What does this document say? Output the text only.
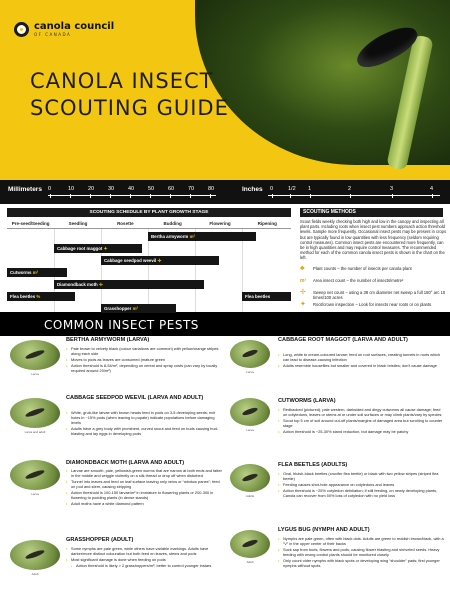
canola council
OF CANADA
CANOLA INSECT
SCOUTING GUIDE
Millimeters 0	10	20	30	40	50	60	70	80	Inches 0	1/2 1	2	3	4
SCOUTING SCHEDULE BY PLANT GROWTH STAGE
Pre-seed/Seeding	Seedling	Rosette	Budding	Flowering	Ripening
Bertha armyworm m²
Cabbage root maggot ✦
Cabbage seedpod weevil ✢
Cutworms m²
Diamondback moth ✢
Flea beetles %	Flea beetles
Grasshopper m²
SCOUTING METHODS
Scout fields weekly checking both high and low in the canopy and inspecting all plant parts. Including roots when insect pest numbers approach action threshold levels. Sample more frequently. Occasional insect pests may be present in crops but are typically found in low quantities with less frequency (seldom requiring control measures). Common insect pests are encountered more frequently, can be in high quantities and may require control measures. The recommended method for each of the common canola insect pests is shown in the chart on the left.
♣	Plant counts – the number of insects per canola plant
m²	Area insect count – the number of insects/metre²
✢	Sweep net count – using a 38 cm diameter net sweep a full 180° arc 10 times/100 acres
✦	Root/crown inspection – Look for insects near roots or on plants
COMMON INSECT PESTS
Larva
BERTHA ARMYWORM (LARVA)

• Pale brown to velvety black (colour variations are common) with yellow/orange stripes along each side

• Moves to pods as leaves are consumed (mature green

• Action threshold is 8-54/m², depending on cereal and spray costs (can vary by locally required around 20/m²)

Larva and adult
CABBAGE SEEDPOD WEEVIL (LARVA AND ADULT)

• White, grub-like larvae with brown heads feed in pods on 3-5 developing seeds; exit holes in ~15% pods (when leaving to pupate) indicate populations before damaging levels

• Adults have a grey body with prominent, curved snout and feed on buds causing bud-blasting and lay eggs in developing pods

Larva
DIAMONDBACK MOTH (LARVA AND ADULT)

• Larvae are smooth, pale, yellowish-green worms that are narrow at both ends and fatter in the middle and wriggle violently on a silk thread or drop off when disturbed

• Tunnel into leaves and feed on leaf surface leaving only veins or “window panes”; feed on pod and stem, causing stripping

• Action threshold is 100-150 larvae/m² in immature to flowering plants or 200-300 in flowering to podding plants (in dense stands)

• Adult moths have a white diamond pattern

Adult
GRASSHOPPER (ADULT)

• Some nymphs are pale green, while others have variable markings. Adults have darker/more distinct colouration but both feed on leaves, stems and pods

• Most significant damage is done when feeding on pods

- Action threshold is likely > 2 grasshoppers/m²; better to control younger instars

Larva
CABBAGE ROOT MAGGOT (LARVA AND ADULT)

• Long, white to cream-coloured larvae; feed on root surfaces, creating tunnels in roots which can lead to disease-causing infection

• Adults resemble houseflies but smaller and covered in black bristles; don't cause damage

Larva
CUTWORMS (LARVA)

• Redbacked (pictured), pale western, darksided and dingy cutworms all cause damage; feed on cotyledons, leaves or stems at or under soil surfaces or may climb plants/vary by species

• Scout top 5 cm of soil around cut-off plants/margins of damaged area but scrolling to counter stage

• Action threshold is ~25-30% stand reduction, but damage may be patchy

Adults
FLEA BEETLES (ADULTS)

• Oval, bluish-black beetles (crucifer flea beetle) or black with two yellow stripes (striped flea beetle)

• Feeding causes shot-hole appearance on cotyledons and leaves

• Action threshold is ~25% cotyledon defoliation; if still feeding, on newly developing plants, Canola can recover from 50% loss of cotyledon with no yield loss

Adult
LYGUS BUG (NYMPH AND ADULT)

• Nymphs are pale green, often with black dots. Adults are green to reddish brown/black, with a “V” in the upper center of their backs

• Suck sap from buds, flowers and pods, causing flower blasting and shriveled seeds. Heavy feeding with wrong control plants should be monitored closely

• Only count older nymphs with black spots or developing wing “shoulder” pads; first younger nymphs without spots
